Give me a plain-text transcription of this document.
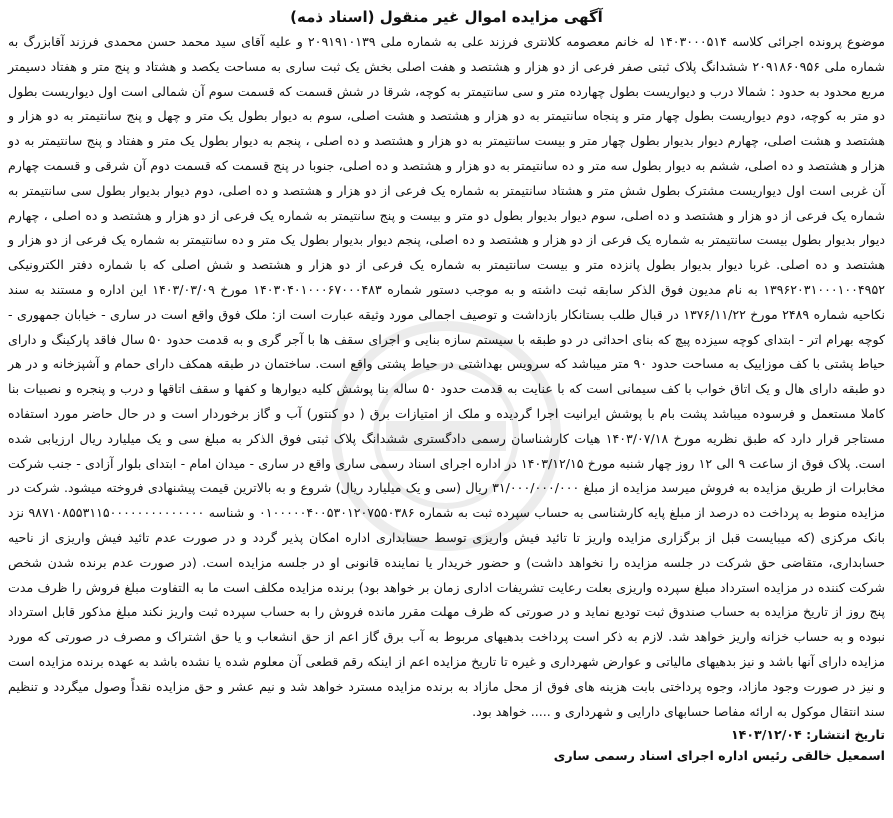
آگهی مزایده اموال غیر منقول (اسناد ذمه)

موضوع پرونده اجرائی کلاسه ۱۴۰۳۰۰۰۵۱۴ له خانم معصومه کلانتری فرزند علی به شماره ملی ۲۰۹۱۹۱۰۱۳۹ و علیه آقای سید محمد حسن محمدی فرزند آقابزرگ به شماره ملی ۲۰۹۱۸۶۰۹۵۶ ششدانگ پلاک ثبتی صفر فرعی از دو هزار و هشتصد و هفت اصلی بخش یک ثبت ساری به مساحت یکصد و هشتاد و پنج متر و هفتاد دسیمتر مربع محدود به حدود : شمالا درب و دیواریست بطول چهارده متر و سی سانتیمتر به کوچه، شرقا در شش قسمت که قسمت سوم آن شمالی است اول دیواریست بطول دو متر به کوچه، دوم دیواریست بطول چهار متر و پنجاه سانتیمتر به دو هزار و هشتصد و هشت اصلی، سوم به دیوار بطول یک متر و چهل و پنج سانتیمتر به دو هزار و هشتصد و هشت اصلی، چهارم دیوار بدیوار بطول چهار متر و بیست سانتیمتر به دو هزار و هشتصد و ده اصلی ، پنجم به دیوار بطول یک متر و هفتاد و پنج سانتیمتر به دو هزار و هشتصد و ده اصلی، ششم به دیوار بطول سه متر و ده سانتیمتر به دو هزار و هشتصد و ده اصلی، جنوبا در پنج قسمت که قسمت دوم آن شرقی و قسمت چهارم آن غربی است اول دیواریست مشترک بطول شش متر و هشتاد سانتیمتر به شماره یک فرعی از دو هزار و هشتصد و ده اصلی، دوم دیوار بدیوار بطول سی سانتیمتر به شماره یک فرعی از دو هزار و هشتصد و ده اصلی، سوم دیوار بدیوار بطول دو متر و بیست و پنج سانتیمتر به شماره یک فرعی از دو هزار و هشتصد و ده اصلی ، چهارم دیوار بدیوار بطول بیست سانتیمتر به شماره یک فرعی از دو هزار و هشتصد و ده اصلی، پنجم دیوار بدیوار بطول یک متر و ده سانتیمتر به شماره یک فرعی از دو هزار و هشتصد و ده اصلی. غربا دیوار بدیوار بطول پانزده متر و بیست سانتیمتر به شماره یک فرعی از دو هزار و هشتصد و شش اصلی که با شماره دفتر الکترونیکی ۱۳۹۶۲۰۳۱۰۰۰۱۰۰۴۹۵۲ به نام مدیون فوق الذکر سابقه ثبت داشته و به موجب دستور شماره ۱۴۰۳۰۴۰۱۰۰۰۶۷۰۰۰۴۸۳ مورخ ۱۴۰۳/۰۳/۰۹ این اداره و مستند به سند نکاحیه شماره ۲۴۸۹ مورخ ۱۳۷۶/۱۱/۲۲ در قبال طلب بستانکار بازداشت و توصیف اجمالی مورد وثیقه عبارت است از: ملک فوق واقع است در ساری - خیابان جمهوری - کوچه بهرام اتر - ابتدای کوچه سیزده پیچ که بنای احداثی در دو طبقه با سیستم سازه بنایی و اجرای سقف ها با آجر گری و به قدمت حدود ۵۰ سال فاقد پارکینگ و دارای حیاط پشتی با کف موزاییک به مساحت حدود ۹۰ متر میباشد که سرویس بهداشتی در حیاط پشتی واقع است. ساختمان در طبقه همکف دارای حمام و آشپزخانه و در هر دو طبقه دارای هال و یک اتاق خواب با کف سیمانی است که با عنایت به قدمت حدود ۵۰ ساله بنا پوشش کلیه دیوارها و کفها و سقف اتاقها و درب و پنجره و نصبیات بنا کاملا مستعمل و فرسوده میباشد پشت بام با پوشش ایرانیت اجرا گردیده و ملک از امتیازات برق ( دو کنتور) آب و گاز برخوردار است و در حال حاضر مورد استفاده مستاجر قرار دارد که طبق نظریه مورخ ۱۴۰۳/۰۷/۱۸ هیات کارشناسان رسمی دادگستری ششدانگ پلاک ثبتی فوق الذکر به مبلغ سی و یک میلیارد ریال ارزیابی شده است. پلاک فوق از ساعت ۹ الی ۱۲ روز چهار شنبه مورخ ۱۴۰۳/۱۲/۱۵ در اداره اجرای اسناد رسمی ساری واقع در ساری - میدان امام - ابتدای بلوار آزادی - جنب شرکت مخابرات از طریق مزایده به فروش میرسد مزایده از مبلغ ۳۱/۰۰۰/۰۰۰/۰۰۰ ریال (سی و یک میلیارد ریال) شروع و به بالاترین قیمت پیشنهادی فروخته میشود. شرکت در مزایده منوط به پرداخت ده درصد از مبلغ پایه کارشناسی به حساب سپرده ثبت به شماره ۰۱۰۰۰۰۰۴۰۰۵۳۰۱۲۰۷۵۵۰۳۸۶ و شناسه ۹۸۷۱۰۸۵۵۳۱۱۵۰۰۰۰۰۰۰۰۰۰۰۰۰۰ نزد بانک مرکزی (که میبایست قبل از برگزاری مزایده واریز تا تائید فیش واریزی توسط حسابداری اداره امکان پذیر گردد و در صورت عدم تائید فیش واریزی از ناحیه حسابداری، متقاضی حق شرکت در جلسه مزایده را نخواهد داشت) و حضور خریدار یا نماینده قانونی او در جلسه مزایده است. (در صورت عدم برنده شدن شخص شرکت کننده در مزایده استرداد مبلغ سپرده واریزی بعلت رعایت تشریفات اداری زمان بر خواهد بود) برنده مزایده مکلف است ما به التفاوت مبلغ فروش را ظرف مدت پنج روز از تاریخ مزایده به حساب صندوق ثبت تودیع نماید و در صورتی که ظرف مهلت مقرر مانده فروش را به حساب سپرده ثبت واریز نکند مبلغ مذکور قابل استرداد نبوده و به حساب خزانه واریز خواهد شد. لازم به ذکر است پرداخت بدهیهای مربوط به آب برق گاز اعم از حق انشعاب و یا حق اشتراک و مصرف در صورتی که مورد مزایده دارای آنها باشد و نیز بدهیهای مالیاتی و عوارض شهرداری و غیره تا تاریخ مزایده اعم از اینکه رقم قطعی آن معلوم شده یا نشده باشد به عهده برنده مزایده است و نیز در صورت وجود مازاد، وجوه پرداختی بابت هزینه های فوق از محل مازاد به برنده مزایده مسترد خواهد شد و نیم عشر و حق مزایده نقداً وصول میگردد و تنظیم سند انتقال موکول به ارائه مفاصا حسابهای دارایی و شهرداری و ..... خواهد بود.

تاریخ انتشار: ۱۴۰۳/۱۲/۰۴
اسمعیل خالقی رئیس اداره اجرای اسناد رسمی ساری
